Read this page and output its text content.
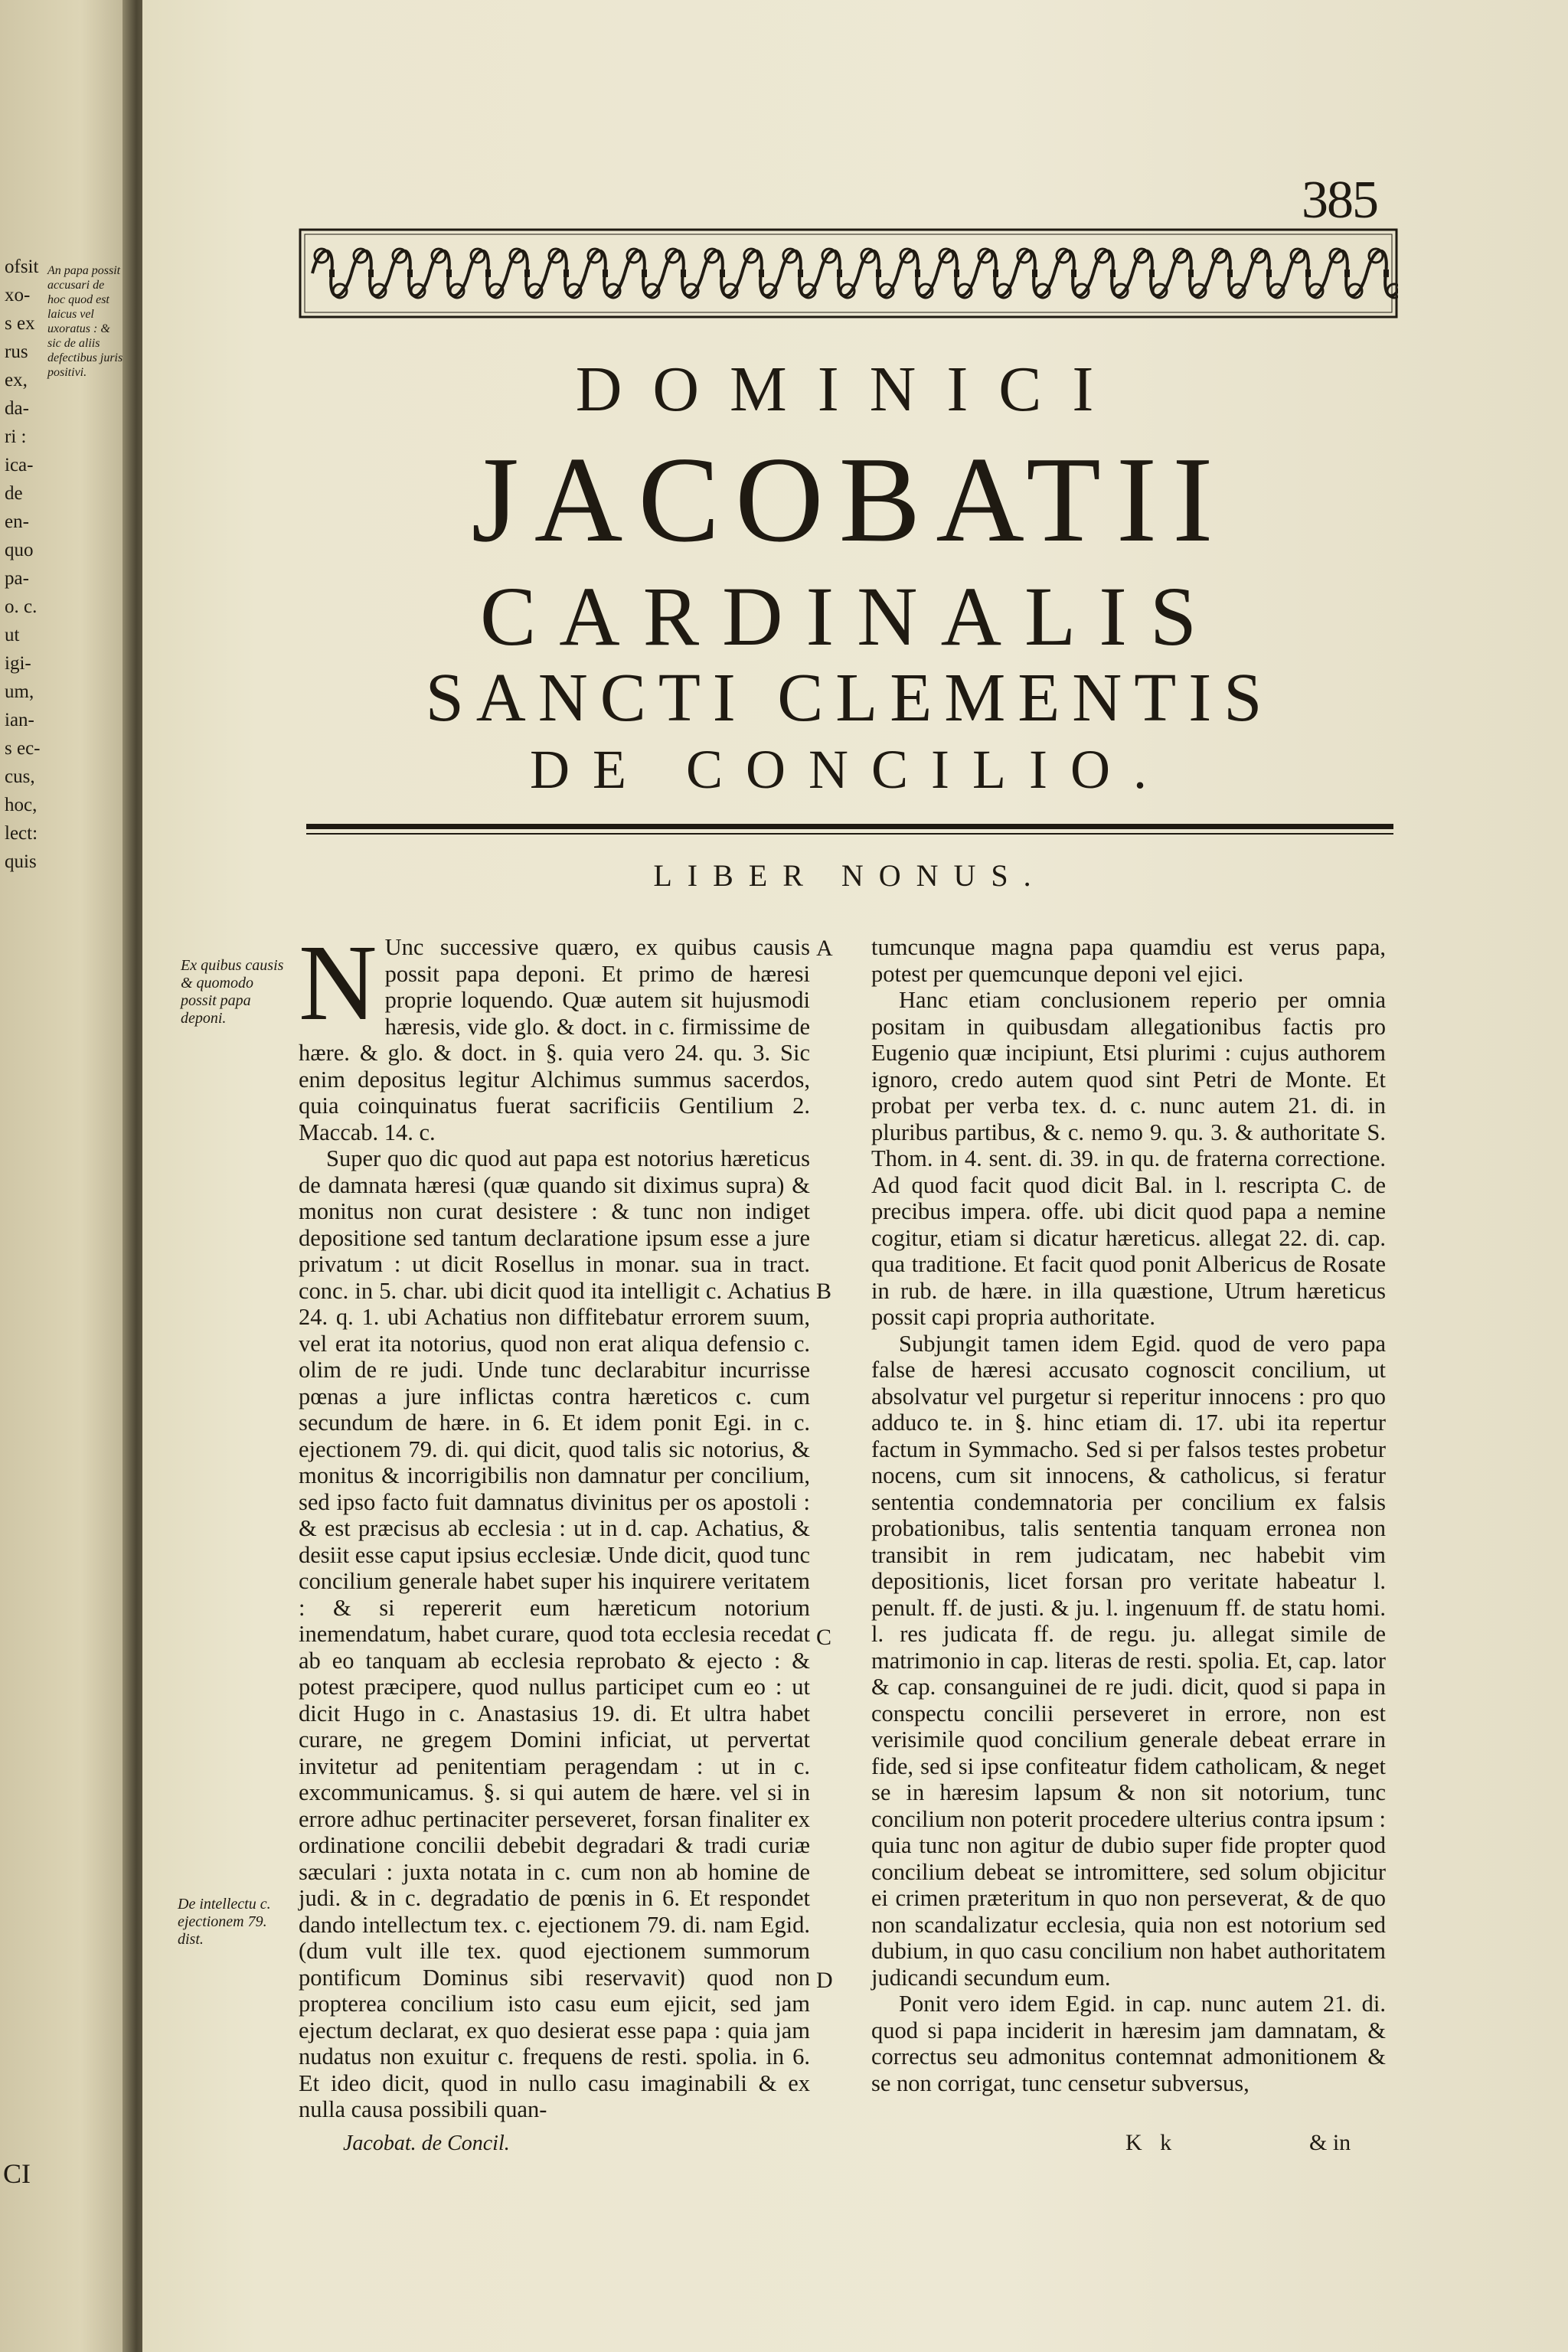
ofsit
xo-
s ex
rus
ex,
da-
ri :
ica-
de
en-
quo
pa-
o. c.
ut
igi-
um,
ian-
s ec-
cus,
hoc,
lect:
quis
An papa possit accusari de hoc quod est laicus vel uxoratus : & sic de aliis defectibus juris positivi.
CI
385
DOMINICI
JACOBATII
CARDINALIS
SANCTI CLEMENTIS
DE CONCILIO.
LIBER NONUS.
Ex quibus causis & quomodo possit papa deponi.
De intellectu c. ejectionem 79. dist.

N Unc successive quæro, ex quibus causis possit papa deponi. Et primo de hæresi proprie loquendo. Quæ autem sit hujusmodi hæresis, vide glo. & doct. in c. firmissime de hære. & glo. & doct. in §. quia vero 24. qu. 3. Sic enim depositus legitur Alchimus summus sacerdos, quia coinquinatus fuerat sacrificiis Gentilium 2. Maccab. 14. c.

Super quo dic quod aut papa est notorius hæreticus de damnata hæresi (quæ quando sit diximus supra) & monitus non curat desistere : & tunc non indiget depositione sed tantum declaratione ipsum esse a jure privatum : ut dicit Rosellus in monar. sua in tract. conc. in 5. char. ubi dicit quod ita intelligit c. Achatius 24. q. 1. ubi Achatius non diffitebatur errorem suum, vel erat ita notorius, quod non erat aliqua defensio c. olim de re judi. Unde tunc declarabitur incurrisse pœnas a jure inflictas contra hæreticos c. cum secundum de hære. in 6. Et idem ponit Egi. in c. ejectionem 79. di. qui dicit, quod talis sic notorius, & monitus & incorrigibilis non damnatur per concilium, sed ipso facto fuit damnatus divinitus per os apostoli : & est præcisus ab ecclesia : ut in d. cap. Achatius, & desiit esse caput ipsius ecclesiæ. Unde dicit, quod tunc concilium generale habet super his inquirere veritatem : & si repererit eum hæreticum notorium inemendatum, habet curare, quod tota ecclesia recedat ab eo tanquam ab ecclesia reprobato & ejecto : & potest præcipere, quod nullus participet cum eo : ut dicit Hugo in c. Anastasius 19. di. Et ultra habet curare, ne gregem Domini inficiat, ut pervertat invitetur ad penitentiam peragendam : ut in c. excommunicamus. §. si qui autem de hære. vel si in errore adhuc pertinaciter perseveret, forsan finaliter ex ordinatione concilii debebit degradari & tradi curiæ sæculari : juxta notata in c. cum non ab homine de judi. & in c. degradatio de pœnis in 6. Et respondet dando intellectum tex. c. ejectionem 79. di. nam Egid. (dum vult ille tex. quod ejectionem summorum pontificum Dominus sibi reservavit) quod non propterea concilium isto casu eum ejicit, sed jam ejectum declarat, ex quo desierat esse papa : quia jam nudatus non exuitur c. frequens de resti. spolia. in 6. Et ideo dicit, quod in nullo casu imaginabili & ex nulla causa possibili quan-

A
B
C
D

tumcunque magna papa quamdiu est verus papa, potest per quemcunque deponi vel ejici.

Hanc etiam conclusionem reperio per omnia positam in quibusdam allegationibus factis pro Eugenio quæ incipiunt, Etsi plurimi : cujus authorem ignoro, credo autem quod sint Petri de Monte. Et probat per verba tex. d. c. nunc autem 21. di. in pluribus partibus, & c. nemo 9. qu. 3. & authoritate S. Thom. in 4. sent. di. 39. in qu. de fraterna correctione. Ad quod facit quod dicit Bal. in l. rescripta C. de precibus impera. offe. ubi dicit quod papa a nemine cogitur, etiam si dicatur hæreticus. allegat 22. di. cap. qua traditione. Et facit quod ponit Albericus de Rosate in rub. de hære. in illa quæstione, Utrum hæreticus possit capi propria authoritate.

Subjungit tamen idem Egid. quod de vero papa false de hæresi accusato cognoscit concilium, ut absolvatur vel purgetur si reperitur innocens : pro quo adduco te. in §. hinc etiam di. 17. ubi ita repertur factum in Symmacho. Sed si per falsos testes probetur nocens, cum sit innocens, & catholicus, si feratur sententia condemnatoria per concilium ex falsis probationibus, talis sententia tanquam erronea non transibit in rem judicatam, nec habebit vim depositionis, licet forsan pro veritate habeatur l. penult. ff. de justi. & ju. l. ingenuum ff. de statu homi. l. res judicata ff. de regu. ju. allegat simile de matrimonio in cap. literas de resti. spolia. Et, cap. lator & cap. consanguinei de re judi. dicit, quod si papa in conspectu concilii perseveret in errore, non est verisimile quod concilium generale debeat errare in fide, sed si ipse confiteatur fidem catholicam, & neget se in hæresim lapsum & non sit notorium, tunc concilium non poterit procedere ulterius contra ipsum : quia tunc non agitur de dubio super fide propter quod concilium debeat se intromittere, sed solum objicitur ei crimen præteritum in quo non perseverat, & de quo non scandalizatur ecclesia, quia non est notorium sed dubium, in quo casu concilium non habet authoritatem judicandi secundum eum.

Ponit vero idem Egid. in cap. nunc autem 21. di. quod si papa inciderit in hæresim jam damnatam, & correctus seu admonitus contemnat admonitionem & se non corrigat, tunc censetur subversus,

Jacobat. de Concil.	K k	& in
